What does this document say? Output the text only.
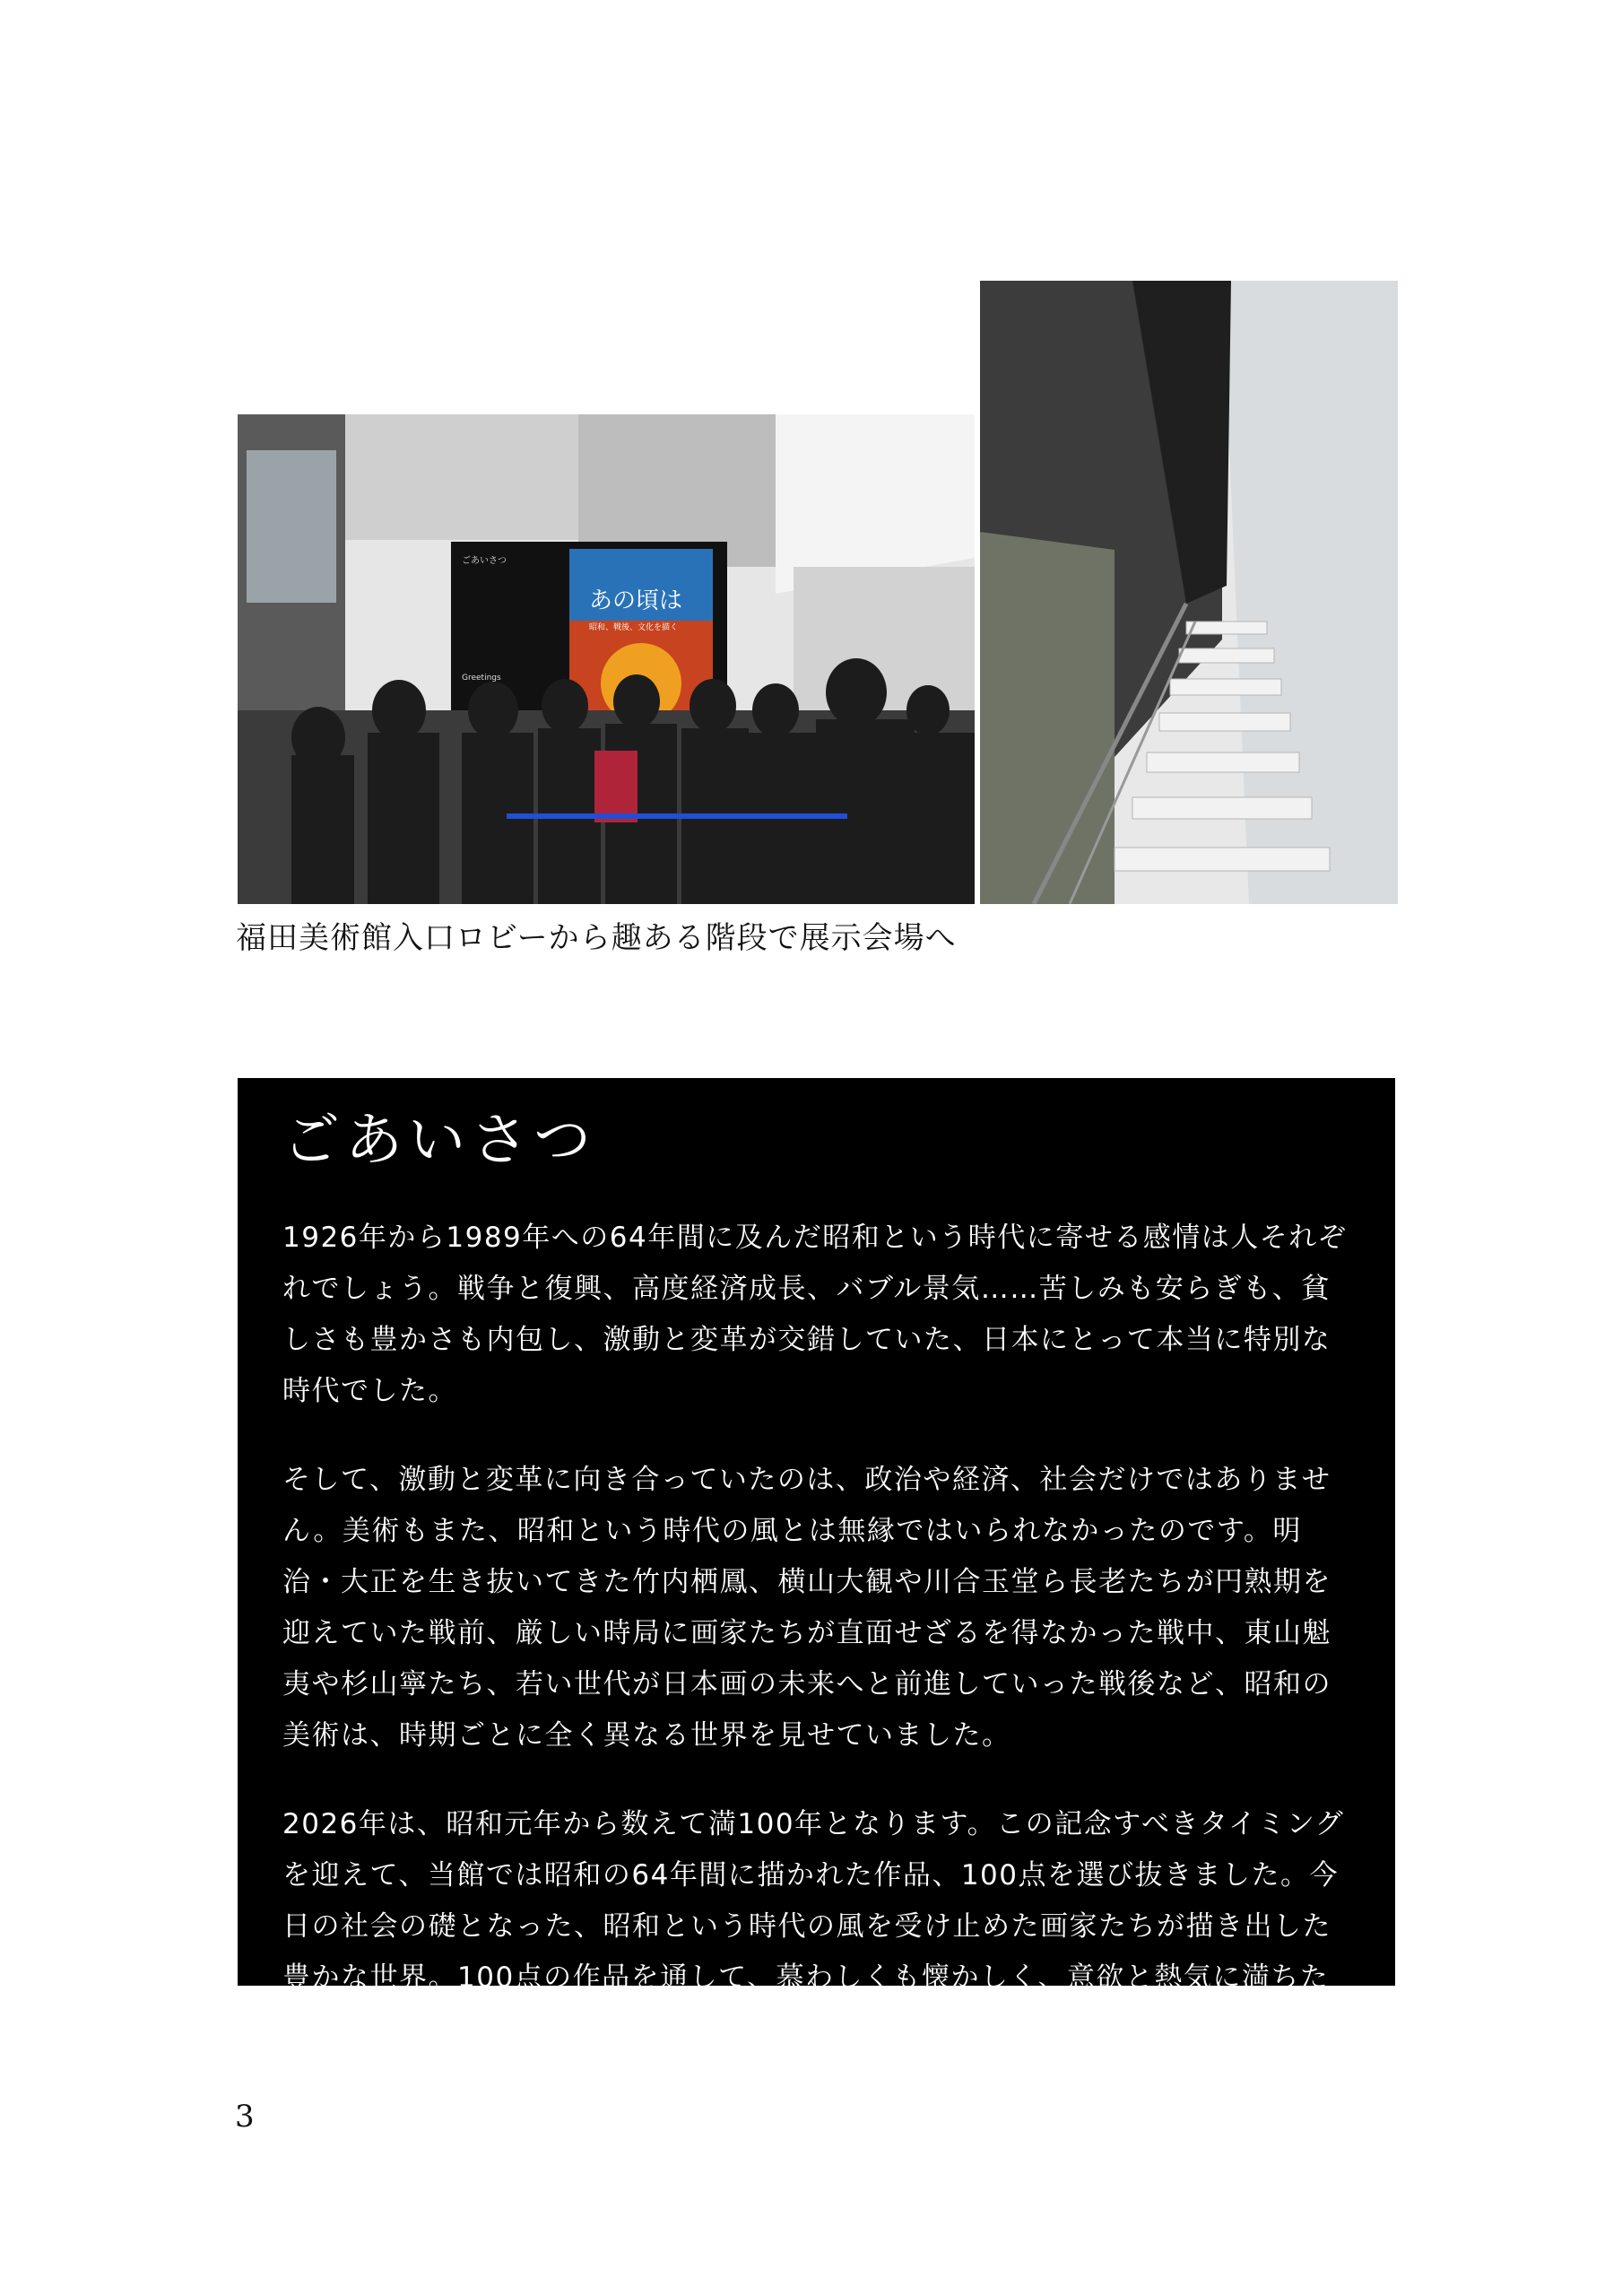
ごあいさつ
Greetings
あの頃は
昭和、戦後、文化を描く
福田美術館入口ロビーから趣ある階段で展示会場へ
ごあいさつ

1926年から1989年への64年間に及んだ昭和という時代に寄せる感情は人それぞれでしょう。戦争と復興、高度経済成長、バブル景気……苦しみも安らぎも、貧しさも豊かさも内包し、激動と変革が交錯していた、日本にとって本当に特別な時代でした。

そして、激動と変革に向き合っていたのは、政治や経済、社会だけではありません。美術もまた、昭和という時代の風とは無縁ではいられなかったのです。明治・大正を生き抜いてきた竹内栖鳳、横山大観や川合玉堂ら長老たちが円熟期を迎えていた戦前、厳しい時局に画家たちが直面せざるを得なかった戦中、東山魁夷や杉山寧たち、若い世代が日本画の未来へと前進していった戦後など、昭和の美術は、時期ごとに全く異なる世界を見せていました。

2026年は、昭和元年から数えて満100年となります。この記念すべきタイミングを迎えて、当館では昭和の64年間に描かれた作品、100点を選び抜きました。今日の社会の礎となった、昭和という時代の風を受け止めた画家たちが描き出した豊かな世界。100点の作品を通して、慕わしくも懐かしく、意欲と熱気に満ちたあの特別な時代の風が、嵐山に吹き渡ります。

最後になりましたが、本展覧会を開催するにあたり、ご協力いただきました関係者の皆様に厚く御礼申し上げます。

3
